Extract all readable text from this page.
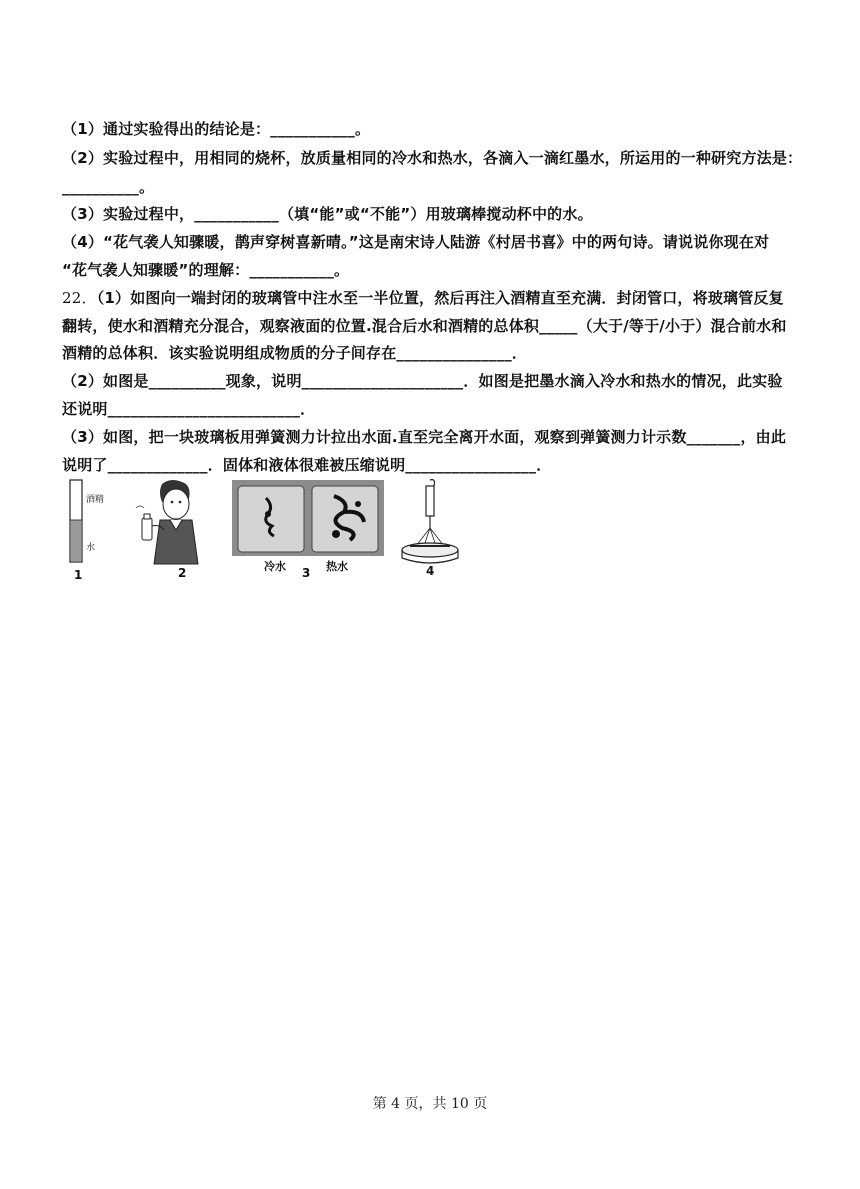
（1）通过实验得出的结论是：___________。
（2）实验过程中，用相同的烧杯，放质量相同的冷水和热水，各滴入一滴红墨水，所运用的一种研究方法是：
__________。
（3）实验过程中，___________（填“能”或“不能”）用玻璃棒搅动杯中的水。
（4）“花气袭人知骤暖，鹊声穿树喜新晴。”这是南宋诗人陆游《村居书喜》中的两句诗。请说说你现在对
“花气袭人知骤暖”的理解：___________。
22．（1）如图向一端封闭的玻璃管中注水至一半位置，然后再注入酒精直至充满．封闭管口，将玻璃管反复
翻转，使水和酒精充分混合，观察液面的位置.混合后水和酒精的总体积_____（大于/等于/小于）混合前水和
酒精的总体积．该实验说明组成物质的分子间存在_______________．
（2）如图是__________现象，说明_____________________．如图是把墨水滴入冷水和热水的情况，此实验
还说明_________________________．
（3）如图，把一块玻璃板用弹簧测力计拉出水面.直至完全离开水面，观察到弹簧测力计示数_______，由此
说明了_____________．固体和液体很难被压缩说明_________________．
酒精
水
1	2	冷水 3 热水	4
第 4 页，共 10 页
